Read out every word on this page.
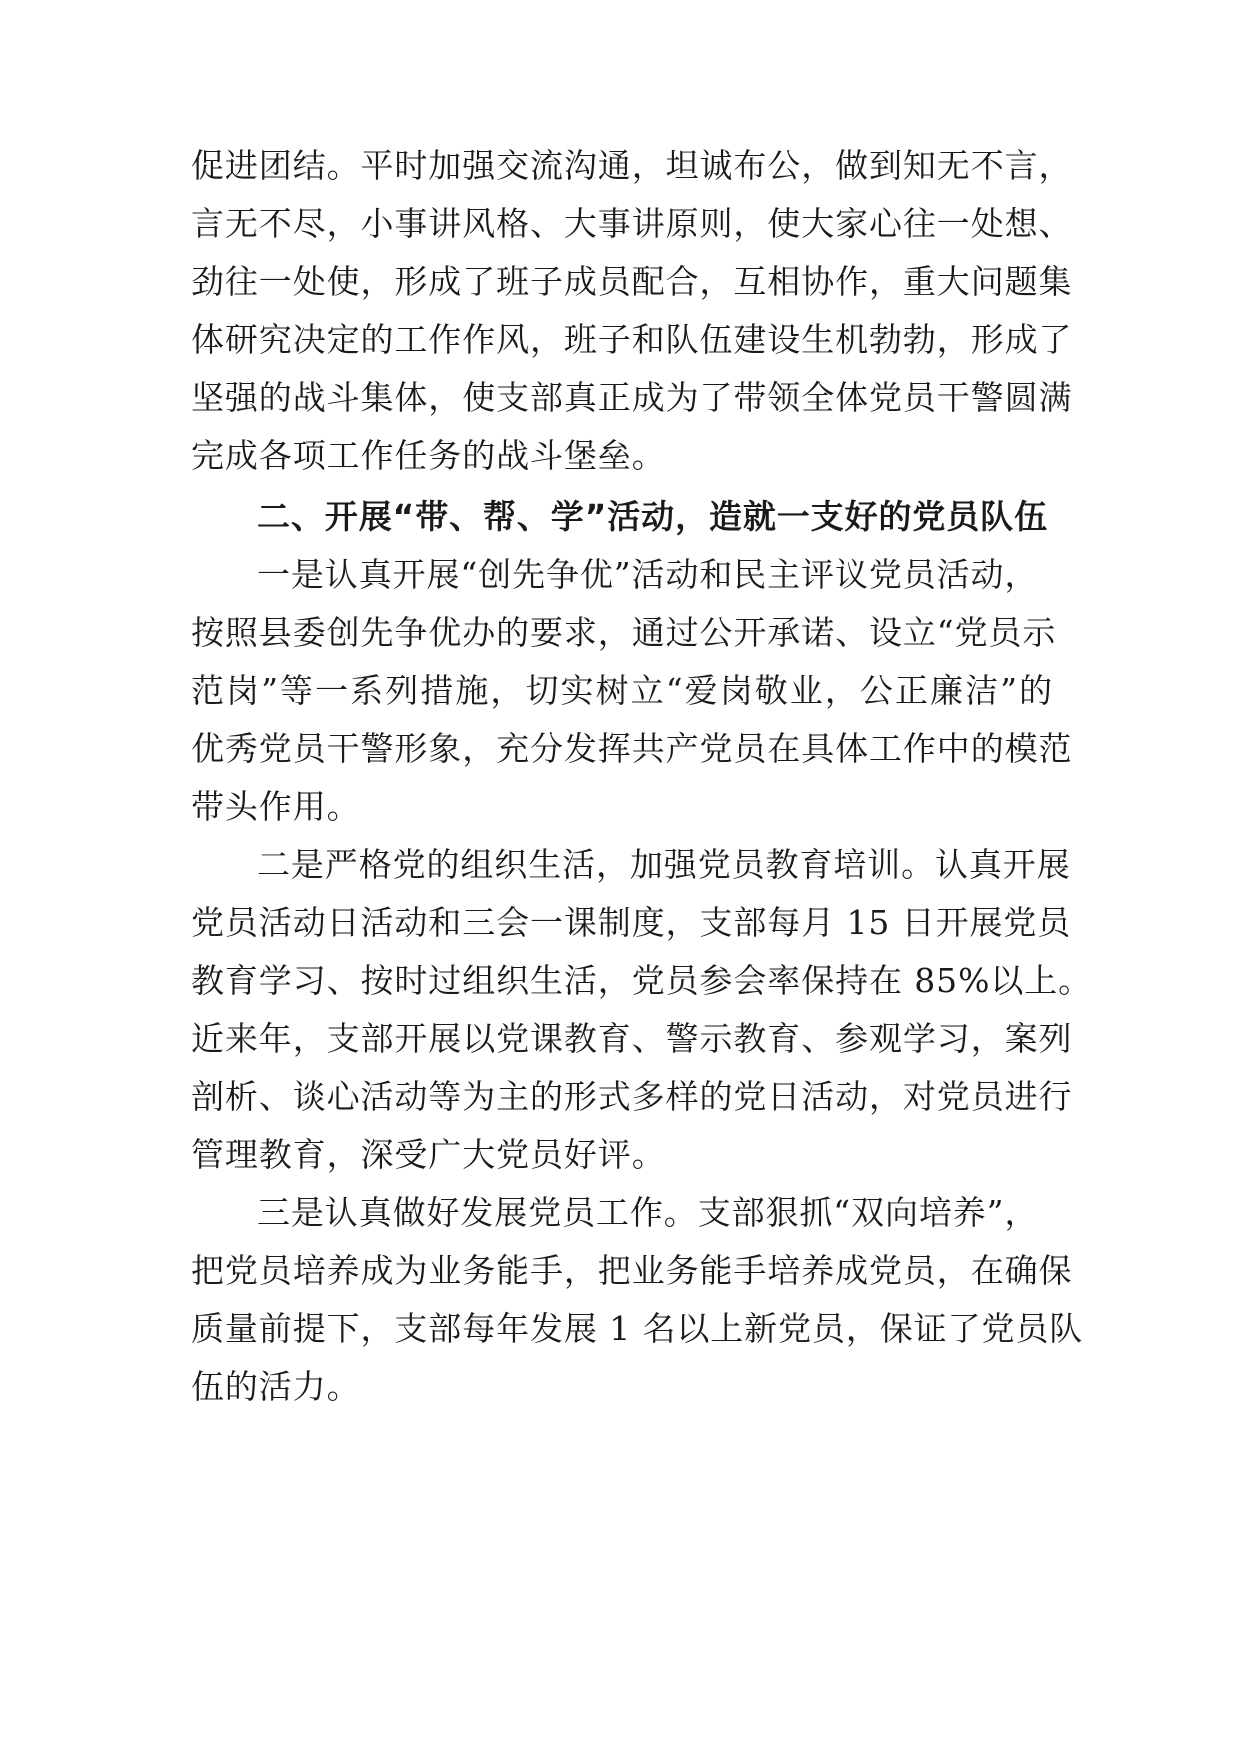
促进团结。平时加强交流沟通，坦诚布公，做到知无不言，
言无不尽，小事讲风格、大事讲原则，使大家心往一处想、
劲往一处使，形成了班子成员配合，互相协作，重大问题集
体研究决定的工作作风，班子和队伍建设生机勃勃，形成了
坚强的战斗集体，使支部真正成为了带领全体党员干警圆满
完成各项工作任务的战斗堡垒。
二、开展“带、帮、学”活动，造就一支好的党员队伍
一是认真开展“创先争优”活动和民主评议党员活动，
按照县委创先争优办的要求，通过公开承诺、设立“党员示
范岗”等一系列措施，切实树立“爱岗敬业，公正廉洁”的
优秀党员干警形象，充分发挥共产党员在具体工作中的模范
带头作用。
二是严格党的组织生活，加强党员教育培训。认真开展
党员活动日活动和三会一课制度，支部每月 15 日开展党员
教育学习、按时过组织生活，党员参会率保持在 85%以上。
近来年，支部开展以党课教育、警示教育、参观学习，案列
剖析、谈心活动等为主的形式多样的党日活动，对党员进行
管理教育，深受广大党员好评。
三是认真做好发展党员工作。支部狠抓“双向培养”，
把党员培养成为业务能手，把业务能手培养成党员，在确保
质量前提下，支部每年发展 1 名以上新党员，保证了党员队
伍的活力。
